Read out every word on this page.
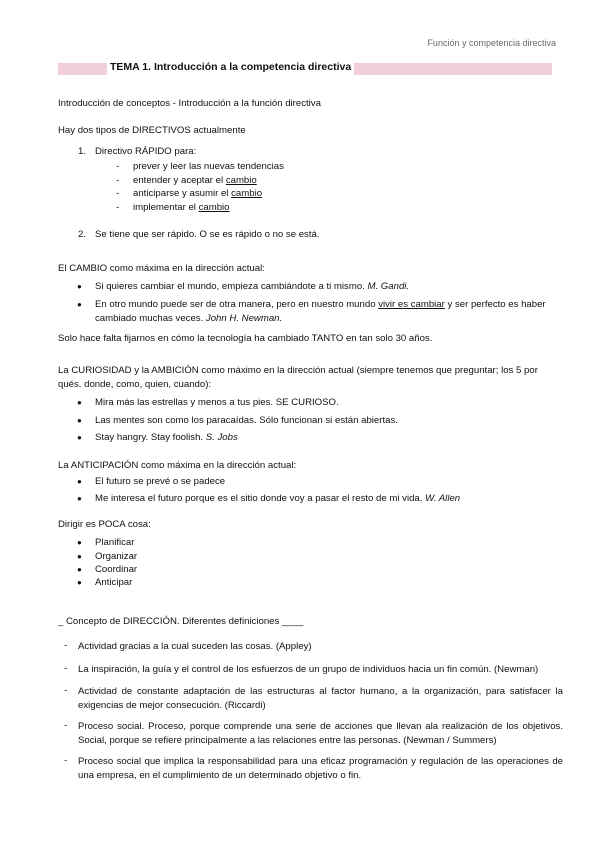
Función y competencia directiva
TEMA 1. Introducción a la competencia directiva
Introducción de conceptos - Introducción a la función directiva
Hay dos tipos de DIRECTIVOS actualmente
1. Directivo RÁPIDO para:
- prever y leer las nuevas tendencias
- entender y aceptar el cambio
- anticiparse y asumir el cambio
- implementar el cambio
2. Se tiene que ser rápido. O se es rápido o no se está.
El CAMBIO como máxima en la dirección actual:
● Si quieres cambiar el mundo, empieza cambiándote a ti mismo. M. Gandi.
● En otro mundo puede ser de otra manera, pero en nuestro mundo vivir es cambiar y ser perfecto es haber cambiado muchas veces. John H. Newman.
Solo hace falta fijarnos en cómo la tecnología ha cambiado TANTO en tan solo 30 años.
La CURIOSIDAD y la AMBICIÓN como máximo en la dirección actual (siempre tenemos que preguntar; los 5 por qués. donde, como, quien, cuando):
● Mira más las estrellas y menos a tus pies. SE CURIOSO.
● Las mentes son como los paracaídas. Sólo funcionan si están abiertas.
● Stay hangry. Stay foolish. S. Jobs
La ANTICIPACIÓN como máxima en la dirección actual:
● El futuro se prevé o se padece
● Me interesa el futuro porque es el sitio donde voy a pasar el resto de mi vida. W. Allen
Dirigir es POCA cosa:
● Planificar
● Organizar
● Coordinar
● Anticipar
_ Concepto de DIRECCIÓN. Diferentes definiciones ____
- Actividad gracias a la cual suceden las cosas. (Appley)
- La inspiración, la guía y el control de los esfuerzos de un grupo de individuos hacia un fin común. (Newman)
- Actividad de constante adaptación de las estructuras al factor humano, a la organización, para satisfacer la exigencias de mejor consecución. (Riccardi)
- Proceso social. Proceso, porque comprende una serie de acciones que llevan ala realización de los objetivos. Social, porque se refiere principalmente a las relaciones entre las personas. (Newman / Summers)
- Proceso social que implica la responsabilidad para una eficaz programación y regulación de las operaciones de una empresa, en el cumplimiento de un determinado objetivo o fin.
